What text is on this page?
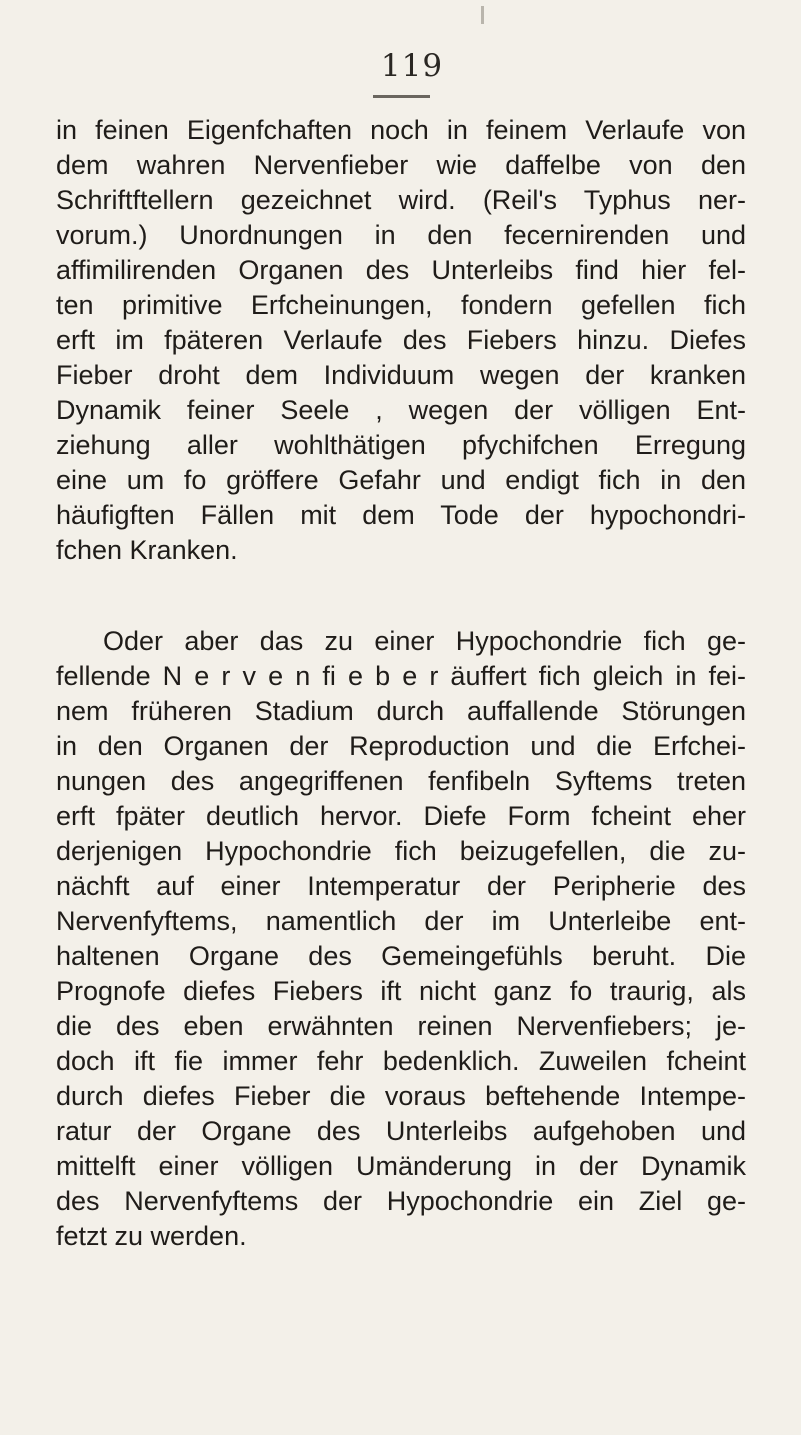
119
in feinen Eigenfchaften noch in feinem Verlaufe von
dem wahren Nervenfieber wie daffelbe von den
Schriftftellern gezeichnet wird. (Reil's Typhus ner-
vorum.) Unordnungen in den fecernirenden und
affimilirenden Organen des Unterleibs find hier fel-
ten primitive Erfcheinungen, fondern gefellen fich
erft im fpäteren Verlaufe des Fiebers hinzu. Diefes
Fieber droht dem Individuum wegen der kranken
Dynamik feiner Seele , wegen der völligen Ent-
ziehung aller wohlthätigen pfychifchen Erregung
eine um fo gröffere Gefahr und endigt fich in den
häufigften Fällen mit dem Tode der hypochondri-
fchen Kranken.
Oder aber das zu einer Hypochondrie fich ge-
fellende N e r v e n fi e b e r äuffert fich gleich in fei-
nem früheren Stadium durch auffallende Störungen
in den Organen der Reproduction und die Erfchei-
nungen des angegriffenen fenfibeln Syftems treten
erft fpäter deutlich hervor. Diefe Form fcheint eher
derjenigen Hypochondrie fich beizugefellen, die zu-
nächft auf einer Intemperatur der Peripherie des
Nervenfyftems, namentlich der im Unterleibe ent-
haltenen Organe des Gemeingefühls beruht. Die
Prognofe diefes Fiebers ift nicht ganz fo traurig, als
die des eben erwähnten reinen Nervenfiebers; je-
doch ift fie immer fehr bedenklich. Zuweilen fcheint
durch diefes Fieber die voraus beftehende Intempe-
ratur der Organe des Unterleibs aufgehoben und
mittelft einer völligen Umänderung in der Dynamik
des Nervenfyftems der Hypochondrie ein Ziel ge-
fetzt zu werden.
